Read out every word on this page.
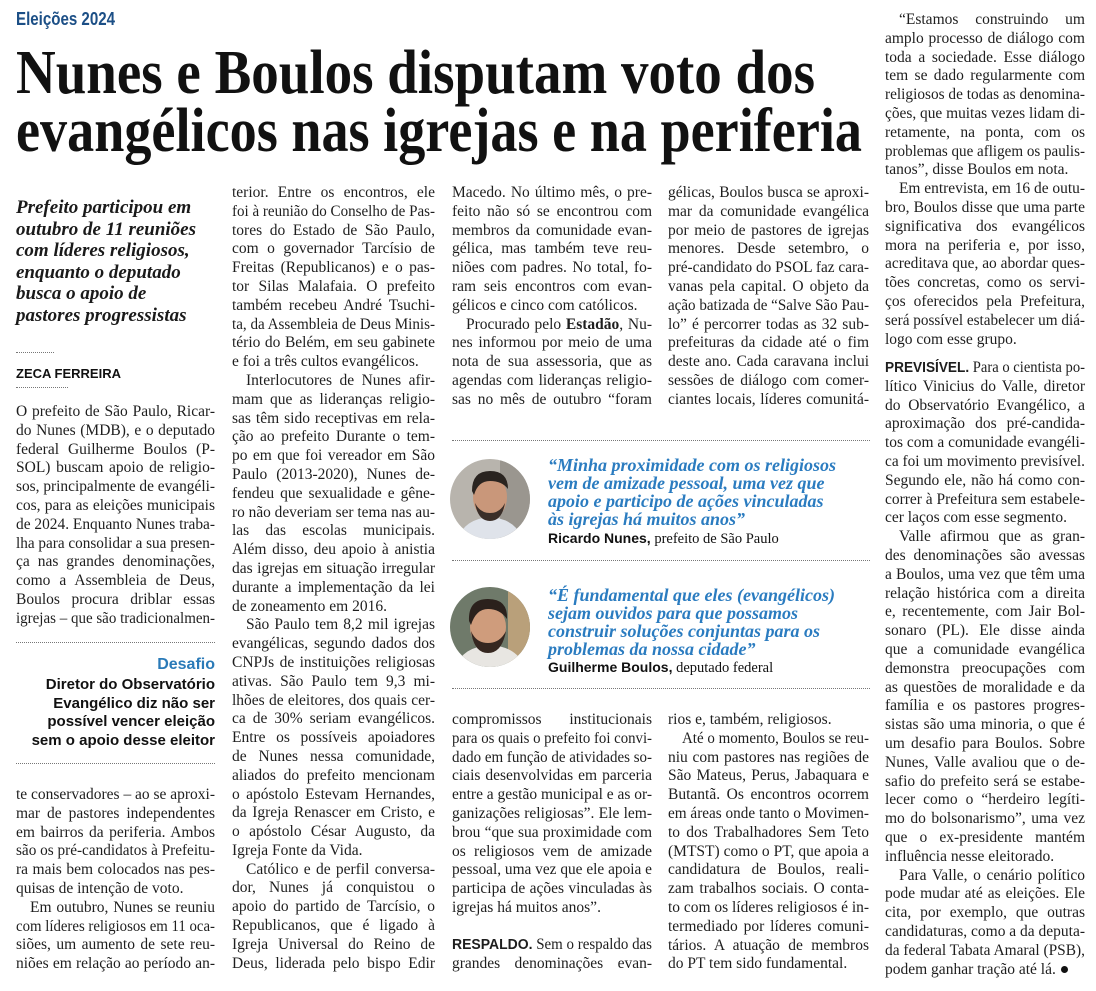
Eleições 2024
Nunes e Boulos disputam voto dos
evangélicos nas igrejas e na periferia
Prefeito participou em
outubro de 11 reuniões
com líderes religiosos,
enquanto o deputado
busca o apoio de
pastores progressistas
ZECA FERREIRA
O prefeito de São Paulo, Ricar-
do Nunes (MDB), e o deputado
federal Guilherme Boulos (P-
SOL) buscam apoio de religio-
sos, principalmente de evangéli-
cos, para as eleições municipais
de 2024. Enquanto Nunes traba-
lha para consolidar a sua presen-
ça nas grandes denominações,
como a Assembleia de Deus,
Boulos procura driblar essas
igrejas – que são tradicionalmen-
Desafio
Diretor do Observatório
Evangélico diz não ser
possível vencer eleição
sem o apoio desse eleitor
te conservadores – ao se aproxi-
mar de pastores independentes
em bairros da periferia. Ambos
são os pré-candidatos à Prefeitu-
ra mais bem colocados nas pes-
quisas de intenção de voto.
Em outubro, Nunes se reuniu
com líderes religiosos em 11 oca-
siões, um aumento de sete reu-
niões em relação ao período an-
terior. Entre os encontros, ele
foi à reunião do Conselho de Pas-
tores do Estado de São Paulo,
com o governador Tarcísio de
Freitas (Republicanos) e o pas-
tor Silas Malafaia. O prefeito
também recebeu André Tsuchi-
ta, da Assembleia de Deus Minis-
tério do Belém, em seu gabinete
e foi a três cultos evangélicos.
Interlocutores de Nunes afir-
mam que as lideranças religio-
sas têm sido receptivas em rela-
ção ao prefeito Durante o tem-
po em que foi vereador em São
Paulo (2013-2020), Nunes de-
fendeu que sexualidade e gêne-
ro não deveriam ser tema nas au-
las das escolas municipais.
Além disso, deu apoio à anistia
das igrejas em situação irregular
durante a implementação da lei
de zoneamento em 2016.
São Paulo tem 8,2 mil igrejas
evangélicas, segundo dados dos
CNPJs de instituições religiosas
ativas. São Paulo tem 9,3 mi-
lhões de eleitores, dos quais cer-
ca de 30% seriam evangélicos.
Entre os possíveis apoiadores
de Nunes nessa comunidade,
aliados do prefeito mencionam
o apóstolo Estevam Hernandes,
da Igreja Renascer em Cristo, e
o apóstolo César Augusto, da
Igreja Fonte da Vida.
Católico e de perfil conversa-
dor, Nunes já conquistou o
apoio do partido de Tarcísio, o
Republicanos, que é ligado à
Igreja Universal do Reino de
Deus, liderada pelo bispo Edir
Macedo. No último mês, o pre-
feito não só se encontrou com
membros da comunidade evan-
gélica, mas também teve reu-
niões com padres. No total, fo-
ram seis encontros com evan-
gélicos e cinco com católicos.
Procurado pelo Estadão, Nu-
nes informou por meio de uma
nota de sua assessoria, que as
agendas com lideranças religio-
sas no mês de outubro “foram
gélicas, Boulos busca se aproxi-
mar da comunidade evangélica
por meio de pastores de igrejas
menores. Desde setembro, o
pré-candidato do PSOL faz cara-
vanas pela capital. O objeto da
ação batizada de “Salve São Pau-
lo” é percorrer todas as 32 sub-
prefeituras da cidade até o fim
deste ano. Cada caravana inclui
sessões de diálogo com comer-
ciantes locais, líderes comunitá-
“Minha proximidade com os religiosos
vem de amizade pessoal, uma vez que
apoio e participo de ações vinculadas
às igrejas há muitos anos”
Ricardo Nunes, prefeito de São Paulo
“É fundamental que eles (evangélicos)
sejam ouvidos para que possamos
construir soluções conjuntas para os
problemas da nossa cidade”
Guilherme Boulos, deputado federal
compromissos institucionais
para os quais o prefeito foi convi-
dado em função de atividades so-
ciais desenvolvidas em parceria
entre a gestão municipal e as or-
ganizações religiosas”. Ele lem-
brou “que sua proximidade com
os religiosos vem de amizade
pessoal, uma vez que ele apoia e
participa de ações vinculadas às
igrejas há muitos anos”.
RESPALDO. Sem o respaldo das
grandes denominações evan-
rios e, também, religiosos.
Até o momento, Boulos se reu-
niu com pastores nas regiões de
São Mateus, Perus, Jabaquara e
Butantã. Os encontros ocorrem
em áreas onde tanto o Movimen-
to dos Trabalhadores Sem Teto
(MTST) como o PT, que apoia a
candidatura de Boulos, reali-
zam trabalhos sociais. O conta-
to com os líderes religiosos é in-
termediado por líderes comuni-
tários. A atuação de membros
do PT tem sido fundamental.
“Estamos construindo um
amplo processo de diálogo com
toda a sociedade. Esse diálogo
tem se dado regularmente com
religiosos de todas as denomina-
ções, que muitas vezes lidam di-
retamente, na ponta, com os
problemas que afligem os paulis-
tanos”, disse Boulos em nota.
Em entrevista, em 16 de outu-
bro, Boulos disse que uma parte
significativa dos evangélicos
mora na periferia e, por isso,
acreditava que, ao abordar ques-
tões concretas, como os servi-
ços oferecidos pela Prefeitura,
será possível estabelecer um diá-
logo com esse grupo.
PREVISÍVEL. Para o cientista po-
lítico Vinicius do Valle, diretor
do Observatório Evangélico, a
aproximação dos pré-candida-
tos com a comunidade evangéli-
ca foi um movimento previsível.
Segundo ele, não há como con-
correr à Prefeitura sem estabele-
cer laços com esse segmento.
Valle afirmou que as gran-
des denominações são avessas
a Boulos, uma vez que têm uma
relação histórica com a direita
e, recentemente, com Jair Bol-
sonaro (PL). Ele disse ainda
que a comunidade evangélica
demonstra preocupações com
as questões de moralidade e da
família e os pastores progres-
sistas são uma minoria, o que é
um desafio para Boulos. Sobre
Nunes, Valle avaliou que o de-
safio do prefeito será se estabe-
lecer como o “herdeiro legíti-
mo do bolsonarismo”, uma vez
que o ex-presidente mantém
influência nesse eleitorado.
Para Valle, o cenário político
pode mudar até as eleições. Ele
cita, por exemplo, que outras
candidaturas, como a da deputa-
da federal Tabata Amaral (PSB),
podem ganhar tração até lá.
